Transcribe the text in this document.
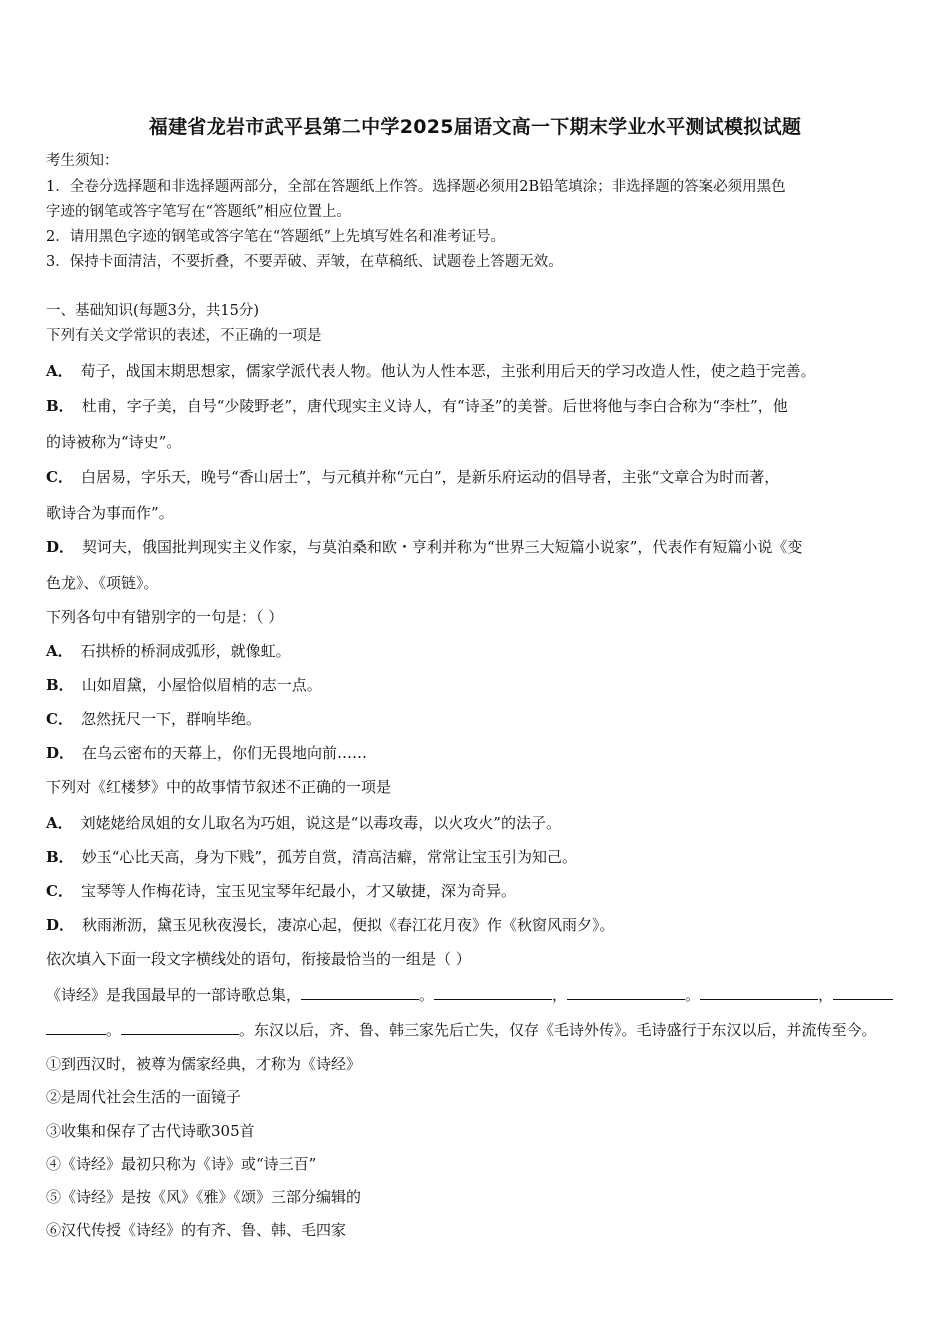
福建省龙岩市武平县第二中学2025届语文高一下期末学业水平测试模拟试题
考生须知：
1．全卷分选择题和非选择题两部分，全部在答题纸上作答。选择题必须用2B铅笔填涂；非选择题的答案必须用黑色
字迹的钢笔或答字笔写在“答题纸”相应位置上。
2．请用黑色字迹的钢笔或答字笔在“答题纸”上先填写姓名和准考证号。
3．保持卡面清洁，不要折叠，不要弄破、弄皱，在草稿纸、试题卷上答题无效。
一、基础知识(每题3分，共15分)
下列有关文学常识的表述，不正确的一项是
A． 荀子，战国末期思想家，儒家学派代表人物。他认为人性本恶，主张利用后天的学习改造人性，使之趋于完善。
B． 杜甫，字子美，自号“少陵野老”，唐代现实主义诗人，有“诗圣”的美誉。后世将他与李白合称为“李杜”，他
的诗被称为“诗史”。
C． 白居易，字乐天，晚号“香山居士”，与元稹并称“元白”，是新乐府运动的倡导者，主张“文章合为时而著，
歌诗合为事而作”。
D． 契诃夫，俄国批判现实主义作家，与莫泊桑和欧・亨利并称为“世界三大短篇小说家”，代表作有短篇小说《变
色龙》、《项链》。
下列各句中有错别字的一句是：（ ）
A． 石拱桥的桥洞成弧形，就像虹。
B． 山如眉黛，小屋恰似眉梢的志一点。
C． 忽然抚尺一下，群响毕绝。
D． 在乌云密布的天幕上，你们无畏地向前……
下列对《红楼梦》中的故事情节叙述不正确的一项是
A． 刘姥姥给凤姐的女儿取名为巧姐，说这是“以毒攻毒，以火攻火”的法子。
B． 妙玉“心比天高，身为下贱”，孤芳自赏，清高洁癖，常常让宝玉引为知己。
C． 宝琴等人作梅花诗，宝玉见宝琴年纪最小，才又敏捷，深为奇异。
D． 秋雨淅沥，黛玉见秋夜漫长，凄凉心起，便拟《春江花月夜》作《秋窗风雨夕》。
依次填入下面一段文字横线处的语句，衔接最恰当的一组是（ ）
《诗经》是我国最早的一部诗歌总集，	。	，	。	，
。	。东汉以后，齐、鲁、韩三家先后亡失，仅存《毛诗外传》。毛诗盛行于东汉以后，并流传至今。
①到西汉时，被尊为儒家经典，才称为《诗经》
②是周代社会生活的一面镜子
③收集和保存了古代诗歌305首
④《诗经》最初只称为《诗》或“诗三百”
⑤《诗经》是按《风》《雅》《颂》三部分编辑的
⑥汉代传授《诗经》的有齐、鲁、韩、毛四家
